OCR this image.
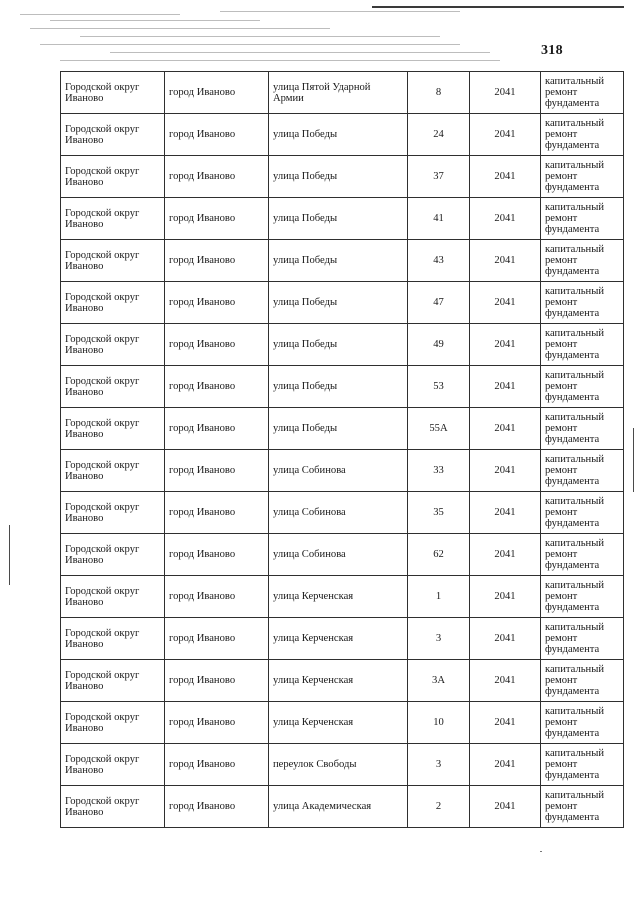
318
Городской округ Иваново	город Иваново	улица Пятой Ударной Армии	8	2041	капитальный ремонт фундамента
Городской округ Иваново	город Иваново	улица Победы	24	2041	капитальный ремонт фундамента
Городской округ Иваново	город Иваново	улица Победы	37	2041	капитальный ремонт фундамента
Городской округ Иваново	город Иваново	улица Победы	41	2041	капитальный ремонт фундамента
Городской округ Иваново	город Иваново	улица Победы	43	2041	капитальный ремонт фундамента
Городской округ Иваново	город Иваново	улица Победы	47	2041	капитальный ремонт фундамента
Городской округ Иваново	город Иваново	улица Победы	49	2041	капитальный ремонт фундамента
Городской округ Иваново	город Иваново	улица Победы	53	2041	капитальный ремонт фундамента
Городской округ Иваново	город Иваново	улица Победы	55А	2041	капитальный ремонт фундамента
Городской округ Иваново	город Иваново	улица Собинова	33	2041	капитальный ремонт фундамента
Городской округ Иваново	город Иваново	улица Собинова	35	2041	капитальный ремонт фундамента
Городской округ Иваново	город Иваново	улица Собинова	62	2041	капитальный ремонт фундамента
Городской округ Иваново	город Иваново	улица Керченская	1	2041	капитальный ремонт фундамента
Городской округ Иваново	город Иваново	улица Керченская	3	2041	капитальный ремонт фундамента
Городской округ Иваново	город Иваново	улица Керченская	3А	2041	капитальный ремонт фундамента
Городской округ Иваново	город Иваново	улица Керченская	10	2041	капитальный ремонт фундамента
Городской округ Иваново	город Иваново	переулок Свободы	3	2041	капитальный ремонт фундамента
Городской округ Иваново	город Иваново	улица Академическая	2	2041	капитальный ремонт фундамента
